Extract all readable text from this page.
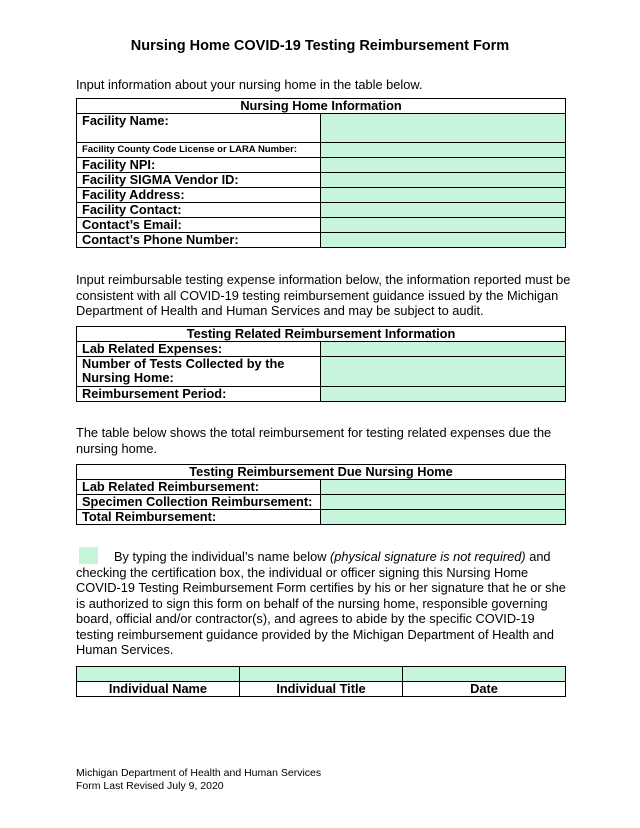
Nursing Home COVID-19 Testing Reimbursement Form
Input information about your nursing home in the table below.
Nursing Home Information	
Facility Name:	
Facility County Code License or LARA Number:	
Facility NPI:	
Facility SIGMA Vendor ID:	
Facility Address:	
Facility Contact:	
Contact’s Email:	
Contact’s Phone Number:	
Input reimbursable testing expense information below, the information reported must be consistent with all COVID-19 testing reimbursement guidance issued by the Michigan Department of Health and Human Services and may be subject to audit.
Testing Related Reimbursement Information	
Lab Related Expenses:	
Number of Tests Collected by the Nursing Home:	
Reimbursement Period:	
The table below shows the total reimbursement for testing related expenses due the nursing home.
Testing Reimbursement Due Nursing Home	
Lab Related Reimbursement:	
Specimen Collection Reimbursement:	
Total Reimbursement:	
By typing the individual’s name below (physical signature is not required) and checking the certification box, the individual or officer signing this Nursing Home COVID-19 Testing Reimbursement Form certifies by his or her signature that he or she is authorized to sign this form on behalf of the nursing home, responsible governing board, official and/or contractor(s), and agrees to abide by the specific COVID-19 testing reimbursement guidance provided by the Michigan Department of Health and Human Services.

Individual Name	Individual Title	Date
Michigan Department of Health and Human Services
Form Last Revised July 9, 2020
